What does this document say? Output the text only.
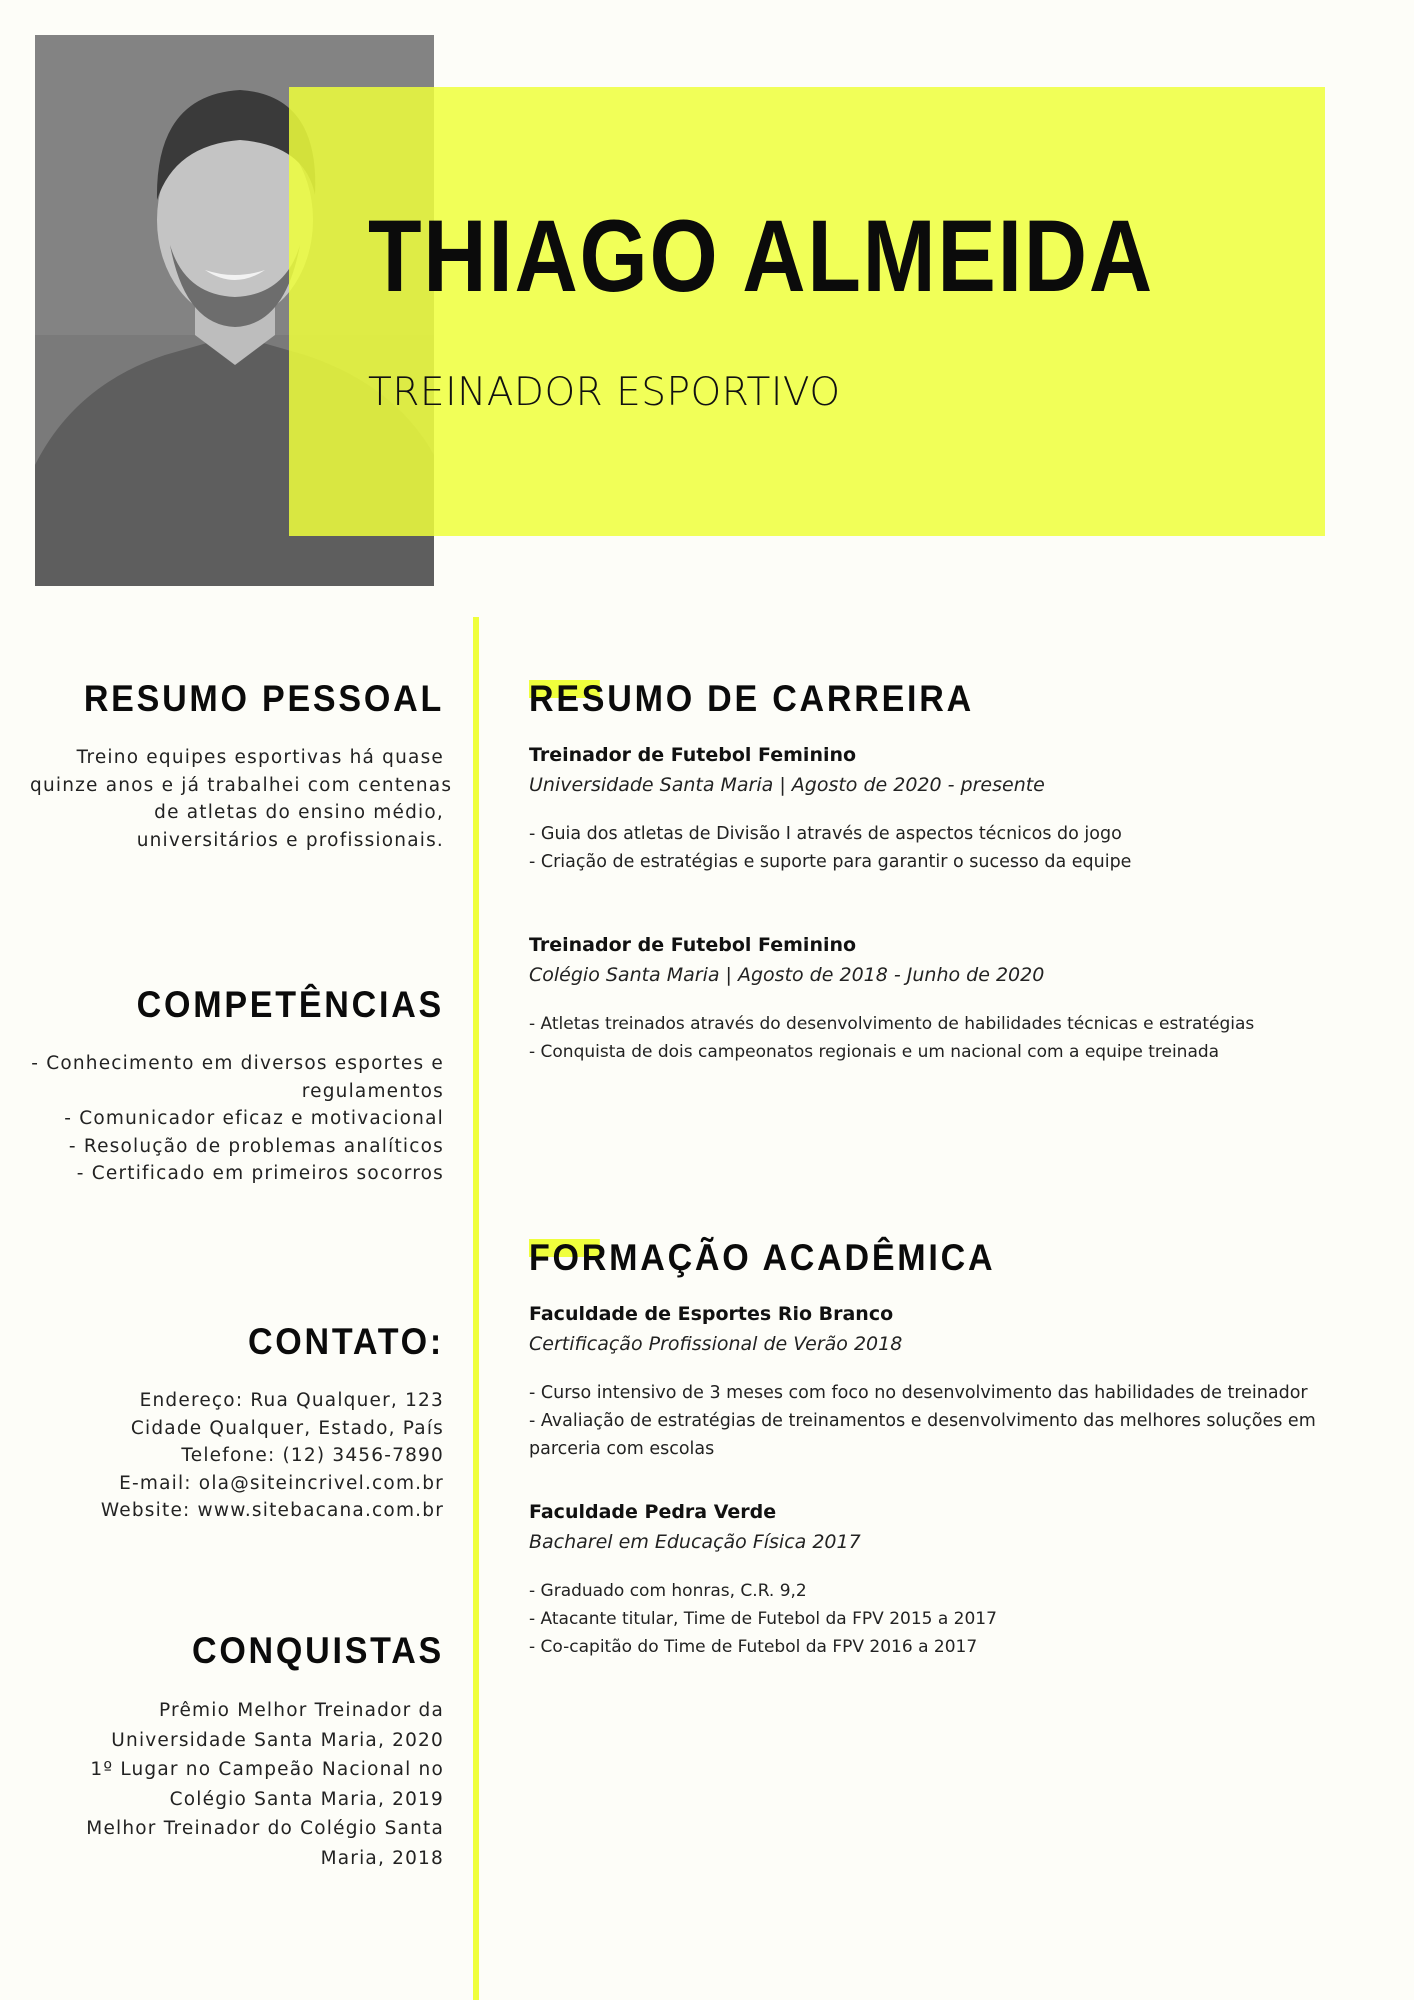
THIAGO ALMEIDA
TREINADOR ESPORTIVO
RESUMO PESSOAL
Treino equipes esportivas há quase
quinze anos e já trabalhei com centenas
de atletas do ensino médio,
universitários e profissionais.
COMPETÊNCIAS
- Conhecimento em diversos esportes e
regulamentos
- Comunicador eficaz e motivacional
- Resolução de problemas analíticos
- Certificado em primeiros socorros
CONTATO:
Endereço: Rua Qualquer, 123
Cidade Qualquer, Estado, País
Telefone: (12) 3456-7890
E-mail: ola@siteincrivel.com.br
Website: www.sitebacana.com.br
CONQUISTAS
Prêmio Melhor Treinador da
Universidade Santa Maria, 2020
1º Lugar no Campeão Nacional no
Colégio Santa Maria, 2019
Melhor Treinador do Colégio Santa
Maria, 2018
RESUMO DE CARREIRA
Treinador de Futebol Feminino
Universidade Santa Maria | Agosto de 2020 - presente
- Guia dos atletas de Divisão I através de aspectos técnicos do jogo
- Criação de estratégias e suporte para garantir o sucesso da equipe
Treinador de Futebol Feminino
Colégio Santa Maria | Agosto de 2018 - Junho de 2020
- Atletas treinados através do desenvolvimento de habilidades técnicas e estratégias
- Conquista de dois campeonatos regionais e um nacional com a equipe treinada
FORMAÇÃO ACADÊMICA
Faculdade de Esportes Rio Branco
Certificação Profissional de Verão 2018
- Curso intensivo de 3 meses com foco no desenvolvimento das habilidades de treinador
- Avaliação de estratégias de treinamentos e desenvolvimento das melhores soluções em parceria com escolas
Faculdade Pedra Verde
Bacharel em Educação Física 2017
- Graduado com honras, C.R. 9,2
- Atacante titular, Time de Futebol da FPV 2015 a 2017
- Co-capitão do Time de Futebol da FPV 2016 a 2017
